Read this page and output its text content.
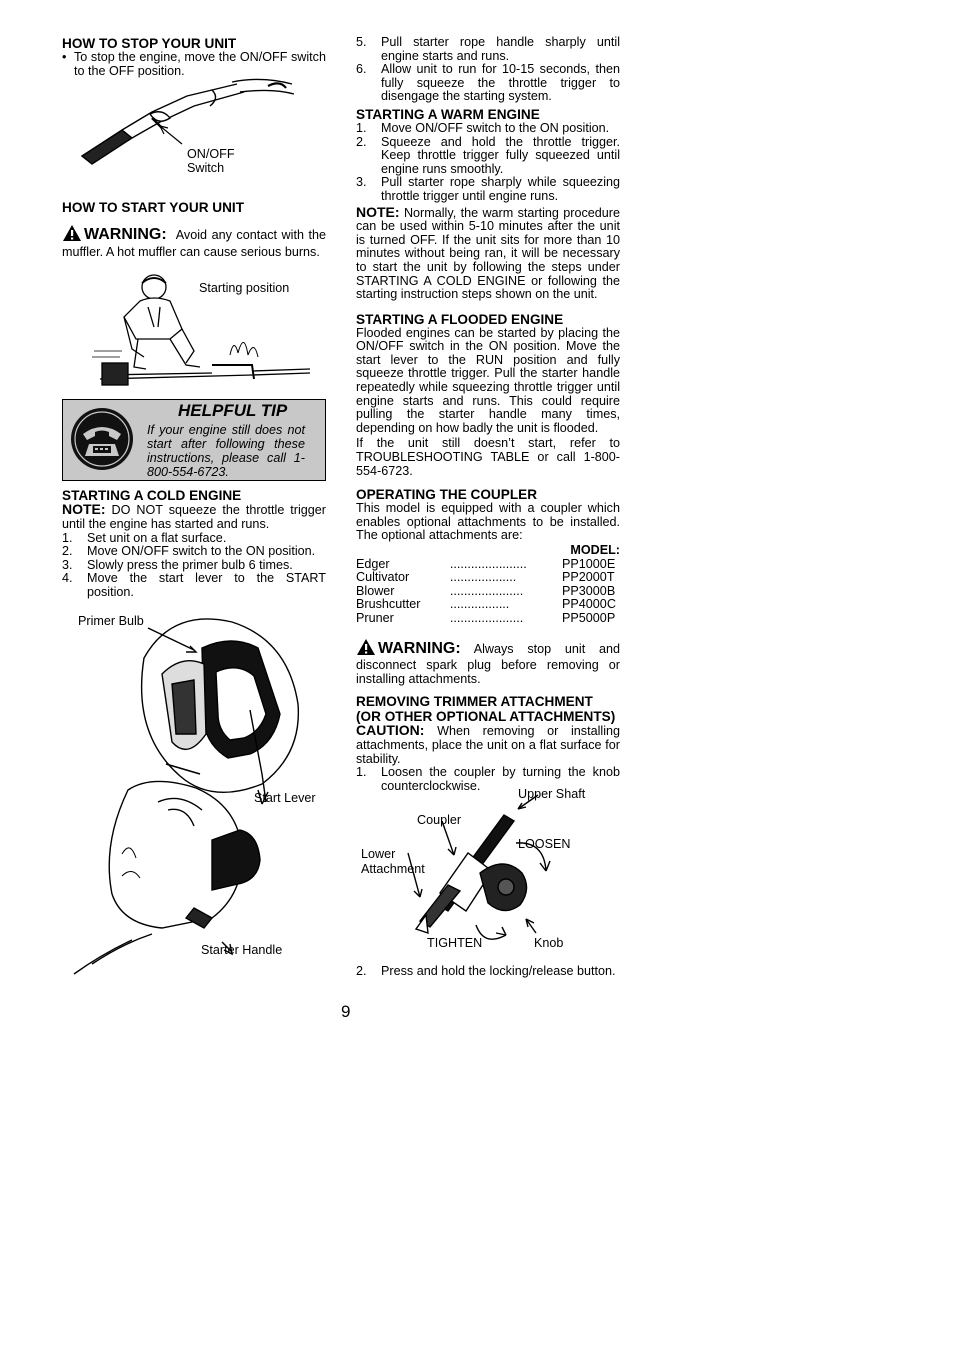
HOW TO STOP YOUR UNIT
• To stop the engine, move the ON/OFF switch to the OFF position.
ON/OFF
Switch
HOW TO START YOUR UNIT

WARNING: Avoid any contact with the muffler. A hot muffler can cause serious burns.

Starting position
HELPFUL TIP
If your engine still does not start after following these instructions, please call 1-800-554-6723.
STARTING A COLD ENGINE

NOTE: DO NOT squeeze the throttle trigger until the engine has started and runs.

1. Set unit on a flat surface.
2. Move ON/OFF switch to the ON position.
3. Slowly press the primer bulb 6 times.
4. Move the start lever to the START position.
Primer Bulb
Start Lever
Starter Handle
5. Pull starter rope handle sharply until engine starts and runs.
6. Allow unit to run for 10-15 seconds, then fully squeeze the throttle trigger to disengage the starting system.
STARTING A WARM ENGINE
1. Move ON/OFF switch to the ON position.
2. Squeeze and hold the throttle trigger. Keep throttle trigger fully squeezed until engine runs smoothly.
3. Pull starter rope sharply while squeezing throttle trigger until engine runs.

NOTE: Normally, the warm starting procedure can be used within 5-10 minutes after the unit is turned OFF. If the unit sits for more than 10 minutes without being ran, it will be necessary to start the unit by following the steps under STARTING A COLD ENGINE or following the starting instruction steps shown on the unit.

STARTING A FLOODED ENGINE

Flooded engines can be started by placing the ON/OFF switch in the ON position. Move the start lever to the RUN position and fully squeeze throttle trigger. Pull the starter handle repeatedly while squeezing throttle trigger until engine starts and runs. This could require pulling the starter handle many times, depending on how badly the unit is flooded.

If the unit still doesn’t start, refer to TROUBLESHOOTING TABLE or call 1-800-554-6723.

OPERATING THE COUPLER

This model is equipped with a coupler which enables optional attachments to be installed. The optional attachments are:

MODEL:		
Edger	......................	PP1000E
Cultivator	...................	PP2000T
Blower	.....................	PP3000B
Brushcutter	.................	PP4000C
Pruner	.....................	PP5000P

WARNING: Always stop unit and disconnect spark plug before removing or installing attachments.

REMOVING TRIMMER ATTACHMENT (OR OTHER OPTIONAL ATTACHMENTS)

CAUTION: When removing or installing attachments, place the unit on a flat surface for stability.

1. Loosen the coupler by turning the knob counterclockwise.
Upper Shaft
Coupler
LOOSEN
Lower
Attachment
TIGHTEN	Knob
2. Press and hold the locking/release button.
9
